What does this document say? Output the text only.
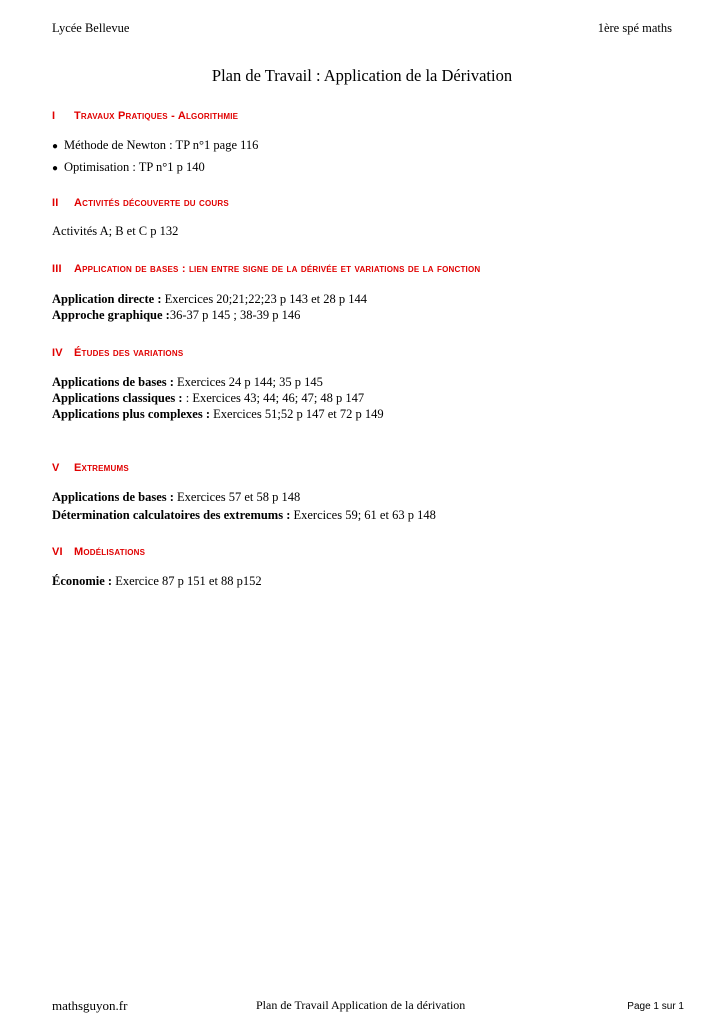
Lycée Bellevue	1ère spé maths
Plan de Travail : Application de la Dérivation
I Travaux Pratiques - Algorithmie
● Méthode de Newton : TP n°1 page 116
● Optimisation : TP n°1 p 140
II Activités découverte du cours
Activités A; B et C p 132
III Application de bases : lien entre signe de la dérivée et variations de la fonction
Application directe : Exercices 20;21;22;23 p 143 et 28 p 144
Approche graphique :36-37 p 145 ; 38-39 p 146
IV Études des variations
Applications de bases : Exercices 24 p 144; 35 p 145
Applications classiques : : Exercices 43; 44; 46; 47; 48 p 147
Applications plus complexes : Exercices 51;52 p 147 et 72 p 149
V Extremums
Applications de bases : Exercices 57 et 58 p 148
Détermination calculatoires des extremums : Exercices 59; 61 et 63 p 148
VI Modélisations
Économie : Exercice 87 p 151 et 88 p152
mathsguyon.fr	Plan de Travail Application de la dérivation	Page 1 sur 1
